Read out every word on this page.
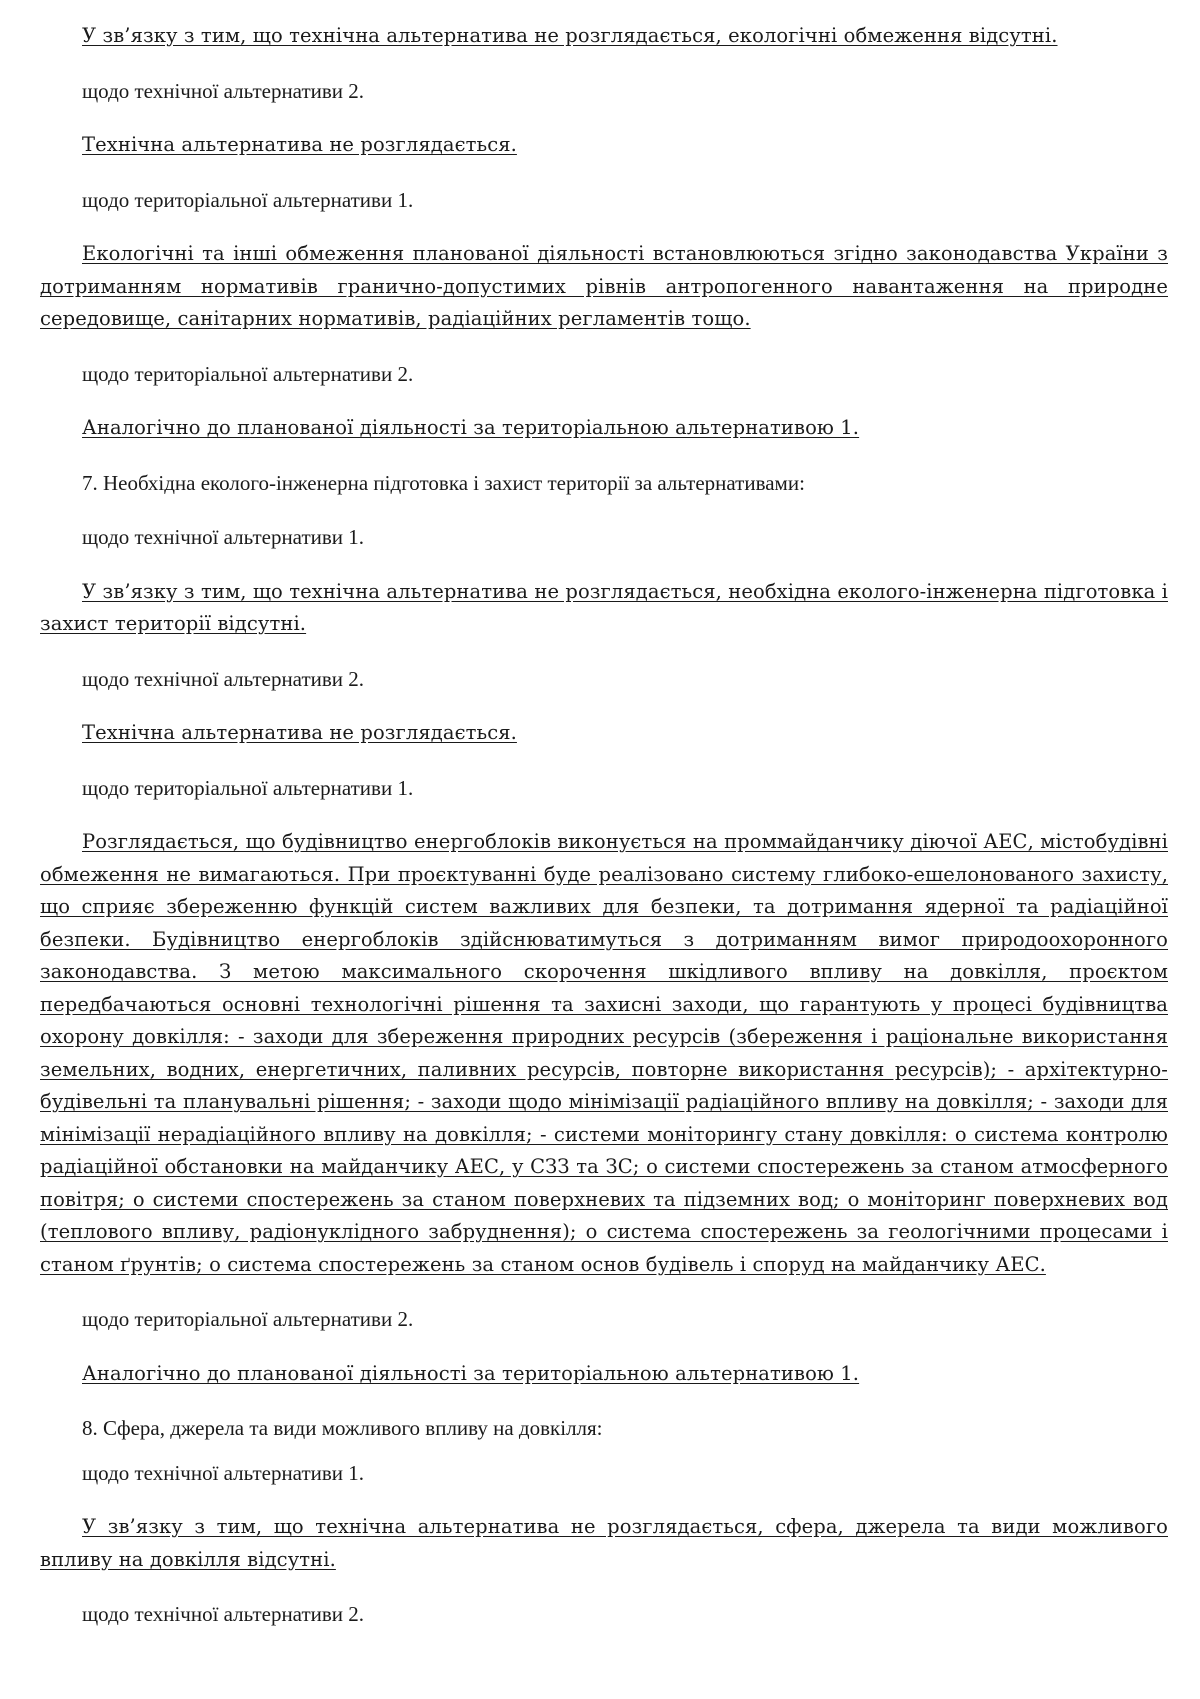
У зв’язку з тим, що технічна альтернатива не розглядається, екологічні обмеження відсутні.

щодо технічної альтернативи 2.

Технічна альтернатива не розглядається.

щодо територіальної альтернативи 1.

Екологічні та інші обмеження планованої діяльності встановлюються згідно законодавства України з дотриманням нормативів гранично-допустимих рівнів антропогенного навантаження на природне середовище, санітарних нормативів, радіаційних регламентів тощо.

щодо територіальної альтернативи 2.

Аналогічно до планованої діяльності за територіальною альтернативою 1.

7. Необхідна еколого-інженерна підготовка і захист території за альтернативами:

щодо технічної альтернативи 1.

У зв’язку з тим, що технічна альтернатива не розглядається, необхідна еколого-інженерна підготовка і захист території відсутні.

щодо технічної альтернативи 2.

Технічна альтернатива не розглядається.

щодо територіальної альтернативи 1.

Розглядається, що будівництво енергоблоків виконується на проммайданчику діючої АЕС, містобудівні обмеження не вимагаються. При проєктуванні буде реалізовано систему глибоко-ешелонованого захисту, що сприяє збереженню функцій систем важливих для безпеки, та дотримання ядерної та радіаційної безпеки. Будівництво енергоблоків здійснюватимуться з дотриманням вимог природоохоронного законодавства. З метою максимального скорочення шкідливого впливу на довкілля, проєктом передбачаються основні технологічні рішення та захисні заходи, що гарантують у процесі будівництва охорону довкілля: - заходи для збереження природних ресурсів (збереження і раціональне використання земельних, водних, енергетичних, паливних ресурсів, повторне використання ресурсів); - архітектурно-будівельні та планувальні рішення; - заходи щодо мінімізації радіаційного впливу на довкілля; - заходи для мінімізації нерадіаційного впливу на довкілля; - системи моніторингу стану довкілля: o система контролю радіаційної обстановки на майданчику АЕС, у СЗЗ та ЗС; o системи спостережень за станом атмосферного повітря; o системи спостережень за станом поверхневих та підземних вод; o моніторинг поверхневих вод (теплового впливу, радіонуклідного забруднення); o система спостережень за геологічними процесами і станом ґрунтів; o система спостережень за станом основ будівель і споруд на майданчику АЕС.

щодо територіальної альтернативи 2.

Аналогічно до планованої діяльності за територіальною альтернативою 1.

8. Сфера, джерела та види можливого впливу на довкілля:

щодо технічної альтернативи 1.

У зв’язку з тим, що технічна альтернатива не розглядається, сфера, джерела та види можливого впливу на довкілля відсутні.

щодо технічної альтернативи 2.
